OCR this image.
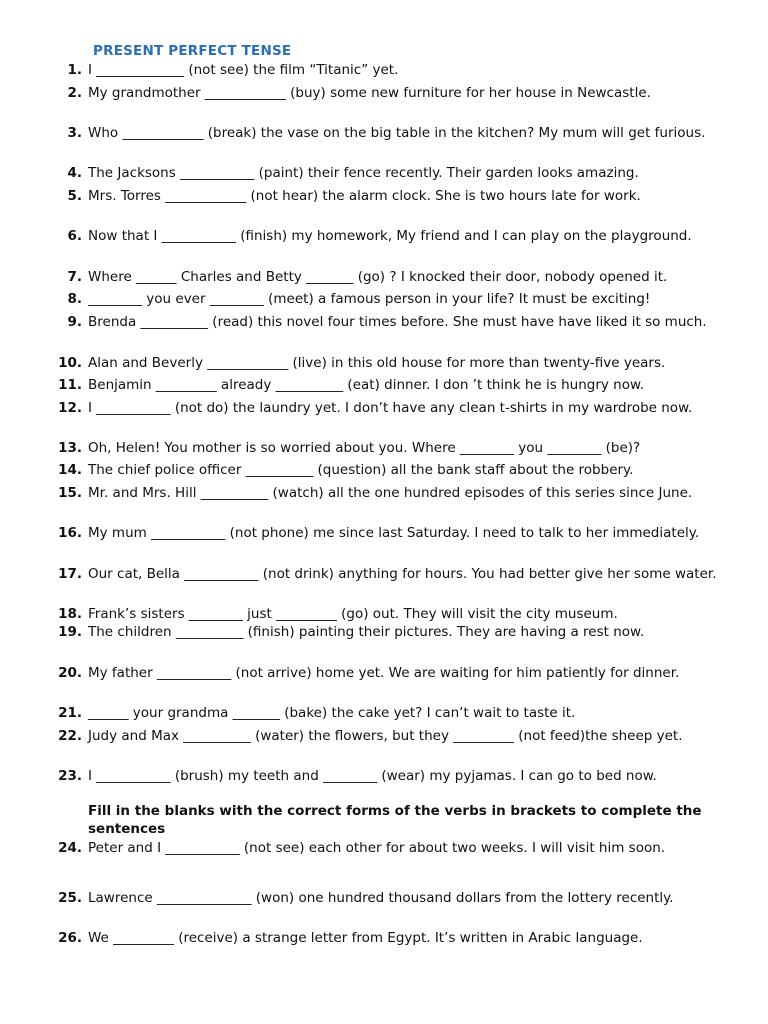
PRESENT PERFECT TENSE
1. I _____________ (not see) the film “Titanic” yet.
2. My grandmother ____________ (buy) some new furniture for her house in Newcastle.
3. Who ____________ (break) the vase on the big table in the kitchen? My mum will get furious.
4. The Jacksons ___________ (paint) their fence recently. Their garden looks amazing.
5. Mrs. Torres ____________ (not hear) the alarm clock. She is two hours late for work.
6. Now that I ___________ (finish) my homework, My friend and I can play on the playground.
7. Where ______ Charles and Betty _______ (go) ? I knocked their door, nobody opened it.
8. ________ you ever ________ (meet) a famous person in your life? It must be exciting!
9. Brenda __________ (read) this novel four times before. She must have have liked it so much.
10. Alan and Beverly ____________ (live) in this old house for more than twenty-five years.
11. Benjamin _________ already __________ (eat) dinner. I don ’t think he is hungry now.
12. I ___________ (not do) the laundry yet. I don’t have any clean t-shirts in my wardrobe now.
13. Oh, Helen! You mother is so worried about you. Where ________ you ________ (be)?
14. The chief police officer __________ (question) all the bank staff about the robbery.
15. Mr. and Mrs. Hill __________ (watch) all the one hundred episodes of this series since June.
16. My mum ___________ (not phone) me since last Saturday. I need to talk to her immediately.
17. Our cat, Bella ___________ (not drink) anything for hours. You had better give her some water.
18. Frank’s sisters ________ just _________ (go) out. They will visit the city museum.
19. The children __________ (finish) painting their pictures. They are having a rest now.
20. My father ___________ (not arrive) home yet. We are waiting for him patiently for dinner.
21. ______ your grandma _______ (bake) the cake yet? I can’t wait to taste it.
22. Judy and Max __________ (water) the flowers, but they _________ (not feed)the sheep yet.
23. I ___________ (brush) my teeth and ________ (wear) my pyjamas. I can go to bed now.
Fill in the blanks with the correct forms of the verbs in brackets to complete the sentences
24. Peter and I ___________ (not see) each other for about two weeks. I will visit him soon.
25. Lawrence ______________ (won) one hundred thousand dollars from the lottery recently.
26. We _________ (receive) a strange letter from Egypt. It’s written in Arabic language.
